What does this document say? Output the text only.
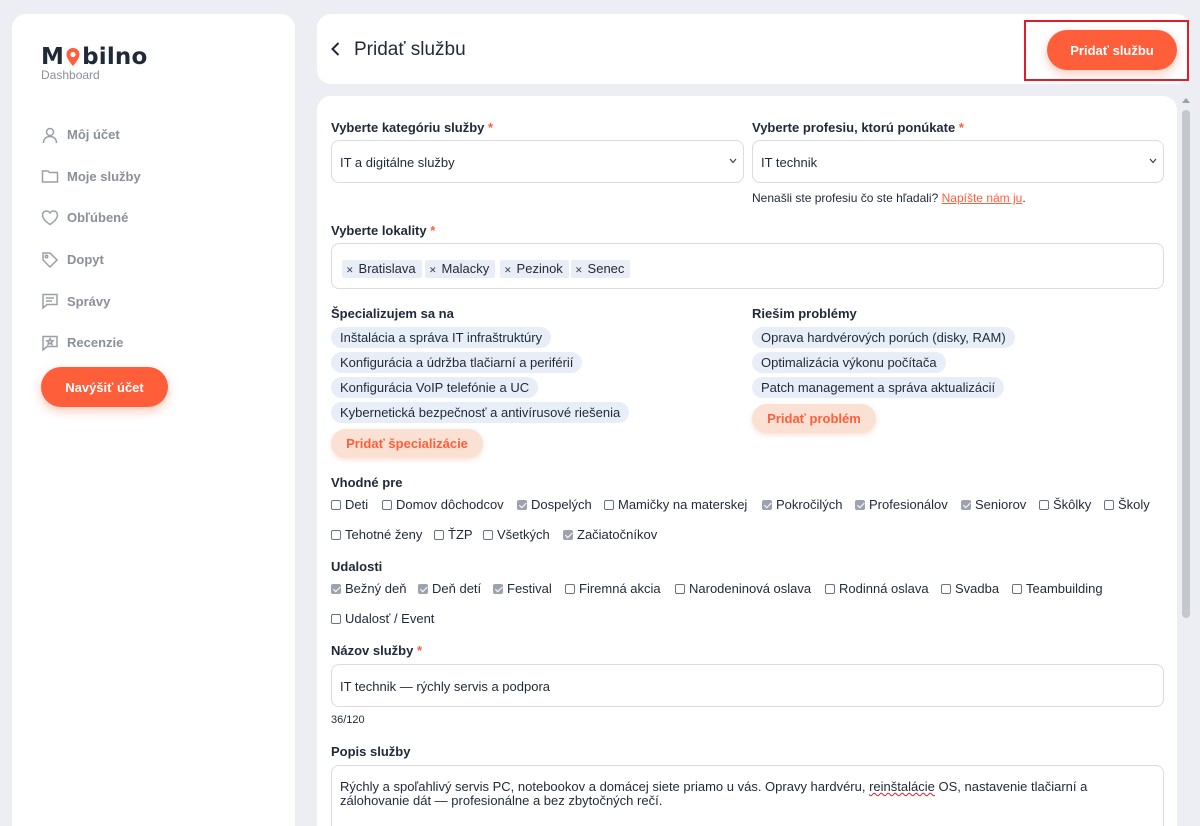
M bilno
Dashboard
Môj účet
Moje služby
Obľúbené
Dopyt
Správy
Recenzie
Navýšiť účet
Pridať službu	Pridať službu
Vyberte kategóriu služby *
IT a digitálne služby
Vyberte profesiu, ktorú ponúkate *
IT technik
Nenašli ste profesiu čo ste hľadali? Napíšte nám ju.
Vyberte lokality *
✕ Bratislava	✕ Malacky	✕ Pezinok	✕ Senec
Špecializujem sa na
Inštalácia a správa IT infraštruktúry
Konfigurácia a údržba tlačiarní a periférií
Konfigurácia VoIP telefónie a UC
Kybernetická bezpečnosť a antivírusové riešenia
Pridať špecializácie
Riešim problémy
Oprava hardvérových porúch (disky, RAM)
Optimalizácia výkonu počítača
Patch management a správa aktualizácií
Pridať problém
Vhodné pre
Deti Domov dôchodcov Dospelých Mamičky na materskej Pokročilých Profesionálov Seniorov Škôlky Školy
Tehotné ženy ŤZP Všetkých Začiatočníkov
Udalosti
Bežný deň Deň detí Festival Firemná akcia Narodeninová oslava Rodinná oslava Svadba Teambuilding
Udalosť / Event
Názov služby *
IT technik — rýchly servis a podpora
36/120
Popis služby
Rýchly a spoľahlivý servis PC, notebookov a domácej siete priamo u vás. Opravy hardvéru, reinštalácie OS, nastavenie tlačiarní a zálohovanie dát — profesionálne a bez zbytočných rečí.
